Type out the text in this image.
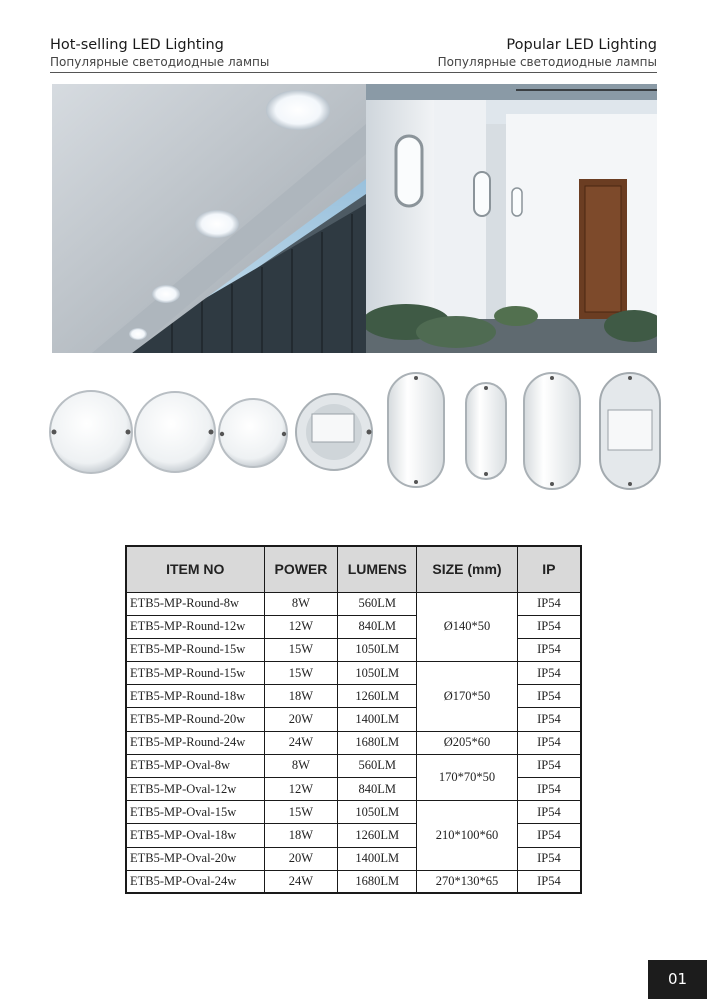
Hot-selling LED Lighting
Популярные светодиодные лампы
Popular LED Lighting
Популярные светодиодные лампы
ITEM NO	POWER	LUMENS	SIZE (mm)	IP
ETB5-MP-Round-8w	8W	560LM	Ø140*50	IP54
ETB5-MP-Round-12w	12W	840LM		IP54
ETB5-MP-Round-15w	15W	1050LM		IP54
ETB5-MP-Round-15w	15W	1050LM	Ø170*50	IP54
ETB5-MP-Round-18w	18W	1260LM		IP54
ETB5-MP-Round-20w	20W	1400LM		IP54
ETB5-MP-Round-24w	24W	1680LM	Ø205*60	IP54
ETB5-MP-Oval-8w	8W	560LM	170*70*50	IP54
ETB5-MP-Oval-12w	12W	840LM		IP54
ETB5-MP-Oval-15w	15W	1050LM	210*100*60	IP54
ETB5-MP-Oval-18w	18W	1260LM		IP54
ETB5-MP-Oval-20w	20W	1400LM		IP54
ETB5-MP-Oval-24w	24W	1680LM	270*130*65	IP54
01
